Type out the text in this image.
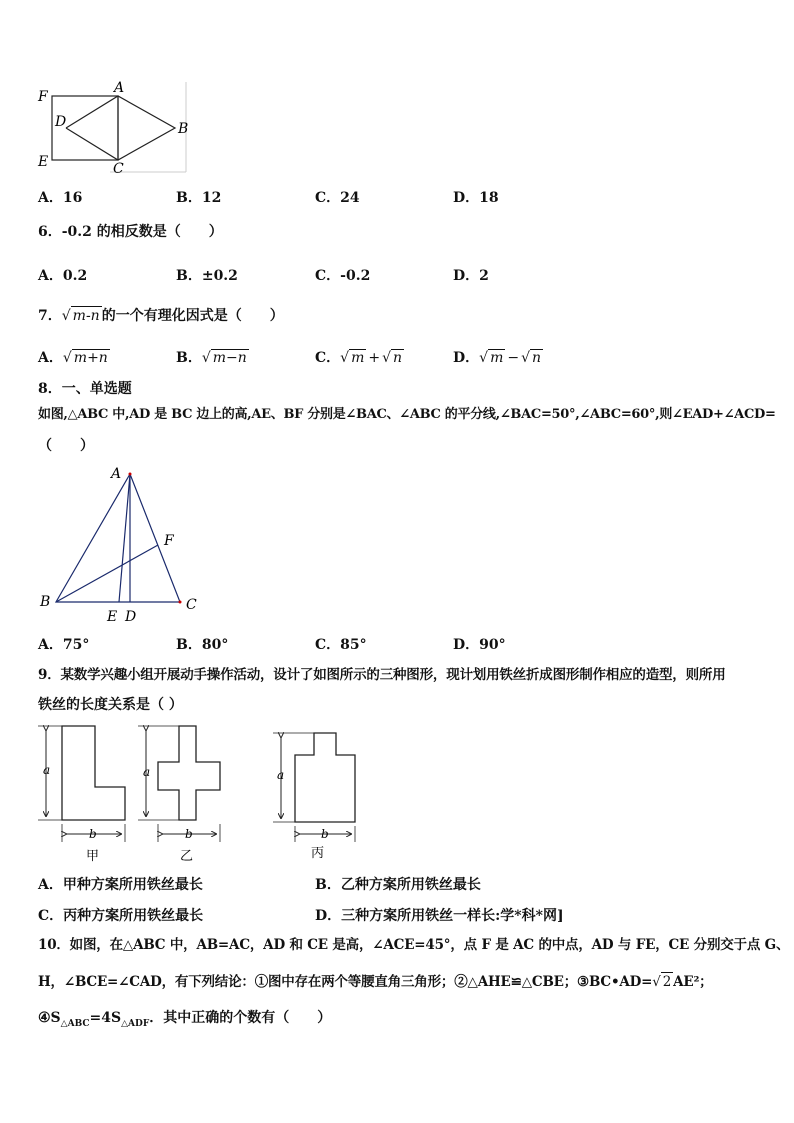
F
A
D	B
E	C
A．16	B．12	C．24	D．18
6．-0.2 的相反数是（　　）
A．0.2	B．±0.2	C．-0.2	D．2
7．√ m-n 的一个有理化因式是（　　）
A．√ m+n	B．√ m−n	C．√ m + √ n	D．√ m − √ n
8．一、单选题
如图,△ABC 中,AD 是 BC 边上的高,AE、BF 分别是∠BAC、∠ABC 的平分线,∠BAC=50°,∠ABC=60°,则∠EAD+∠ACD=
（　　）
A
B	C
D
E
F
A．75°	B．80°	C．85°	D．90°
9．某数学兴趣小组开展动手操作活动，设计了如图所示的三种图形，现计划用铁丝折成图形制作相应的造型，则所用
铁丝的长度关系是（ ）
a
b
甲
a
b
乙
a
b
丙
A．甲种方案所用铁丝最长	B．乙种方案所用铁丝最长
C．丙种方案所用铁丝最长	D．三种方案所用铁丝一样长:学*科*网]
10．如图，在△ABC 中，AB=AC，AD 和 CE 是高，∠ACE=45°，点 F 是 AC 的中点，AD 与 FE，CE 分别交于点 G、
H，∠BCE=∠CAD，有下列结论：①图中存在两个等腰直角三角形；②△AHE≌△CBE；③BC•AD=√ 2 AE²；
$④S_{\triangle ABC}=4S_{\triangle ADF}$．其中正确的个数有（　　）
